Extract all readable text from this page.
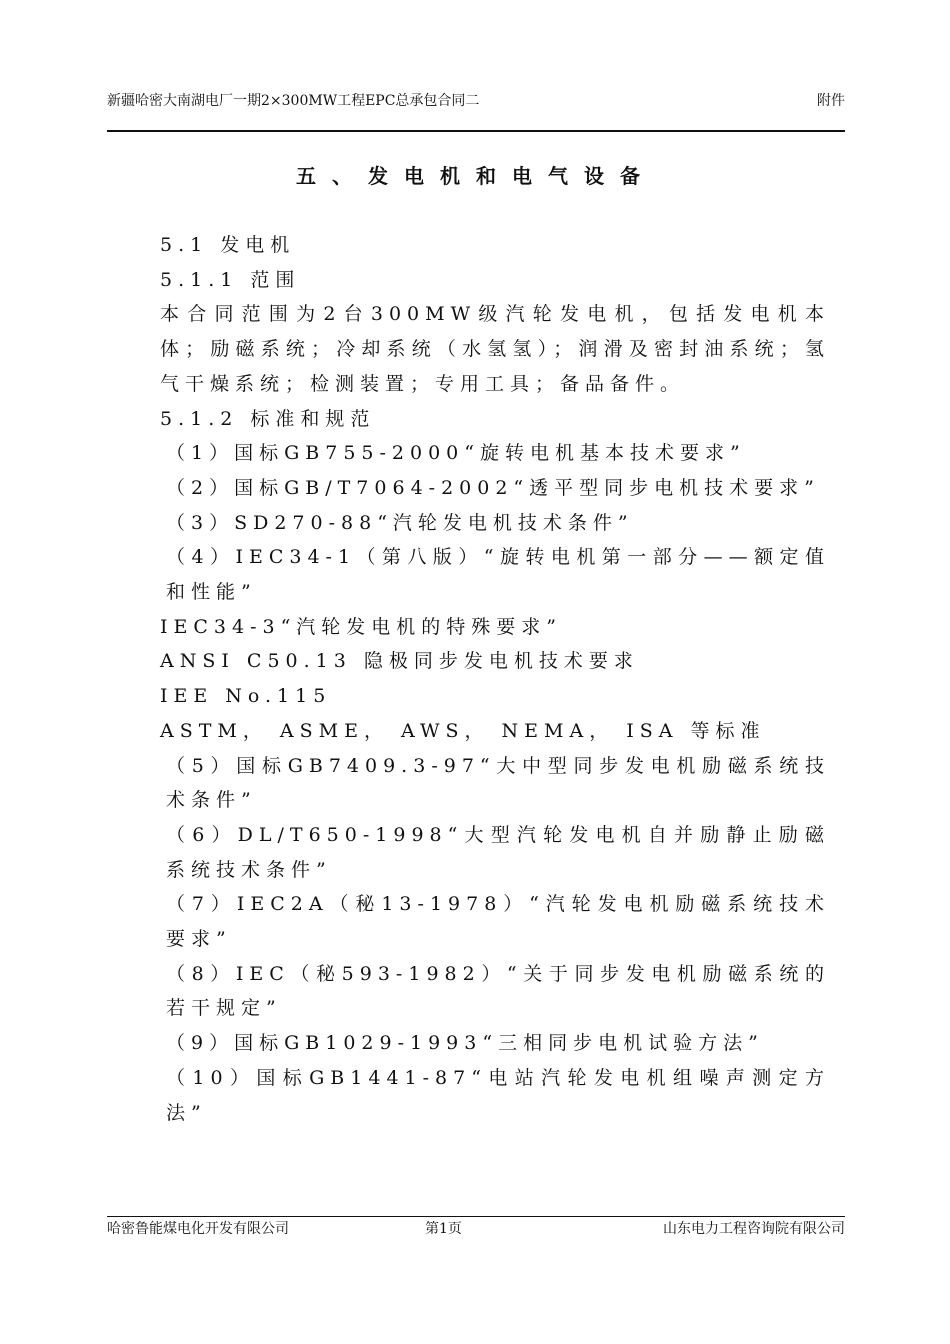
新疆哈密大南湖电厂一期2×300MW工程EPC总承包合同二	附件
五、发电机和电气设备

5.1 发电机

5.1.1 范围

本合同范围为2台300MW级汽轮发电机，包括发电机本体；励磁系统；冷却系统（水氢氢）；润滑及密封油系统；氢气干燥系统；检测装置；专用工具；备品备件。

5.1.2 标准和规范

（1）国标GB755-2000“旋转电机基本技术要求”

（2）国标GB/T7064-2002“透平型同步电机技术要求”

（3）SD270-88“汽轮发电机技术条件”

（4）IEC34-1（第八版）“旋转电机第一部分——额定值和性能”

IEC34-3“汽轮发电机的特殊要求”

ANSI C50.13 隐极同步发电机技术要求

IEE No.115

ASTM， ASME， AWS， NEMA， ISA 等标准

（5）国标GB7409.3-97“大中型同步发电机励磁系统技术条件”

（6）DL/T650-1998“大型汽轮发电机自并励静止励磁系统技术条件”

（7）IEC2A（秘13-1978）“汽轮发电机励磁系统技术要求”

（8）IEC（秘593-1982）“关于同步发电机励磁系统的若干规定”

（9）国标GB1029-1993“三相同步电机试验方法”

（10）国标GB1441-87“电站汽轮发电机组噪声测定方法”

哈密鲁能煤电化开发有限公司	第1页	山东电力工程咨询院有限公司
